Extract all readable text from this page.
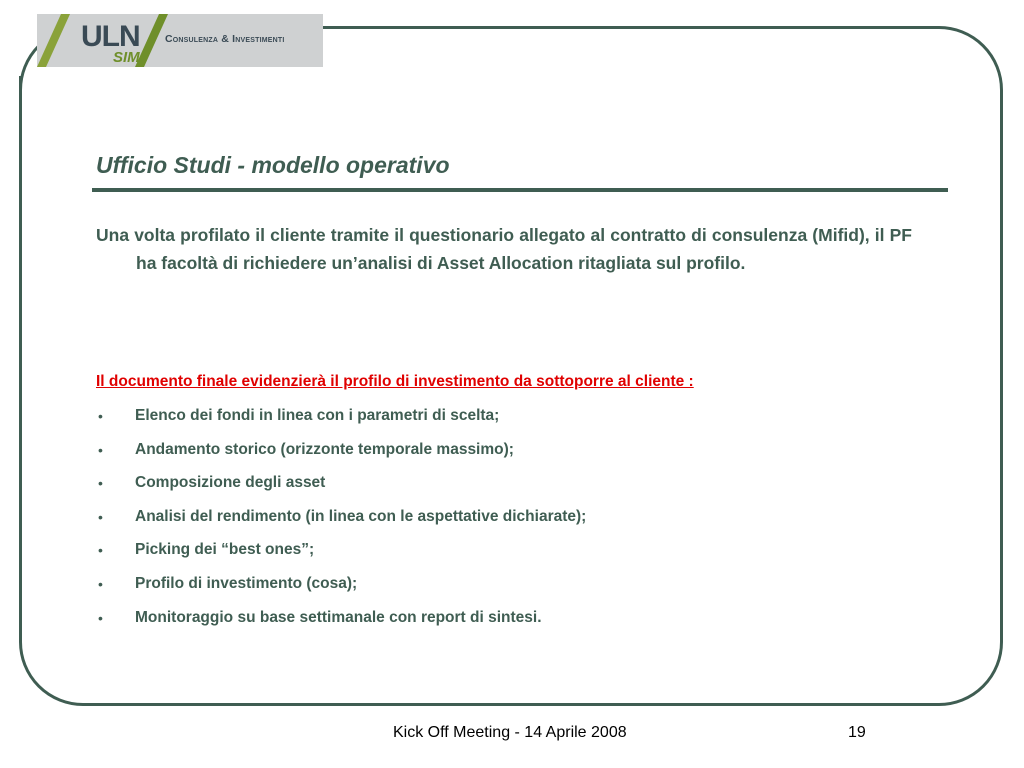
ULN
SIM
Consulenza & Investimenti
Ufficio Studi - modello operativo

Una volta profilato il cliente tramite il questionario allegato al contratto di consulenza (Mifid), il PF ha facoltà di richiedere un’analisi di Asset Allocation ritagliata sul profilo.

Il documento finale evidenzierà il profilo di investimento da sottoporre al cliente :

• Elenco dei fondi in linea con i parametri di scelta;
• Andamento storico (orizzonte temporale massimo);
• Composizione degli asset
• Analisi del rendimento (in linea con le aspettative dichiarate);
• Picking dei “best ones”;
• Profilo di investimento (cosa);
• Monitoraggio su base settimanale con report di sintesi.
Kick Off Meeting - 14 Aprile 2008	19
